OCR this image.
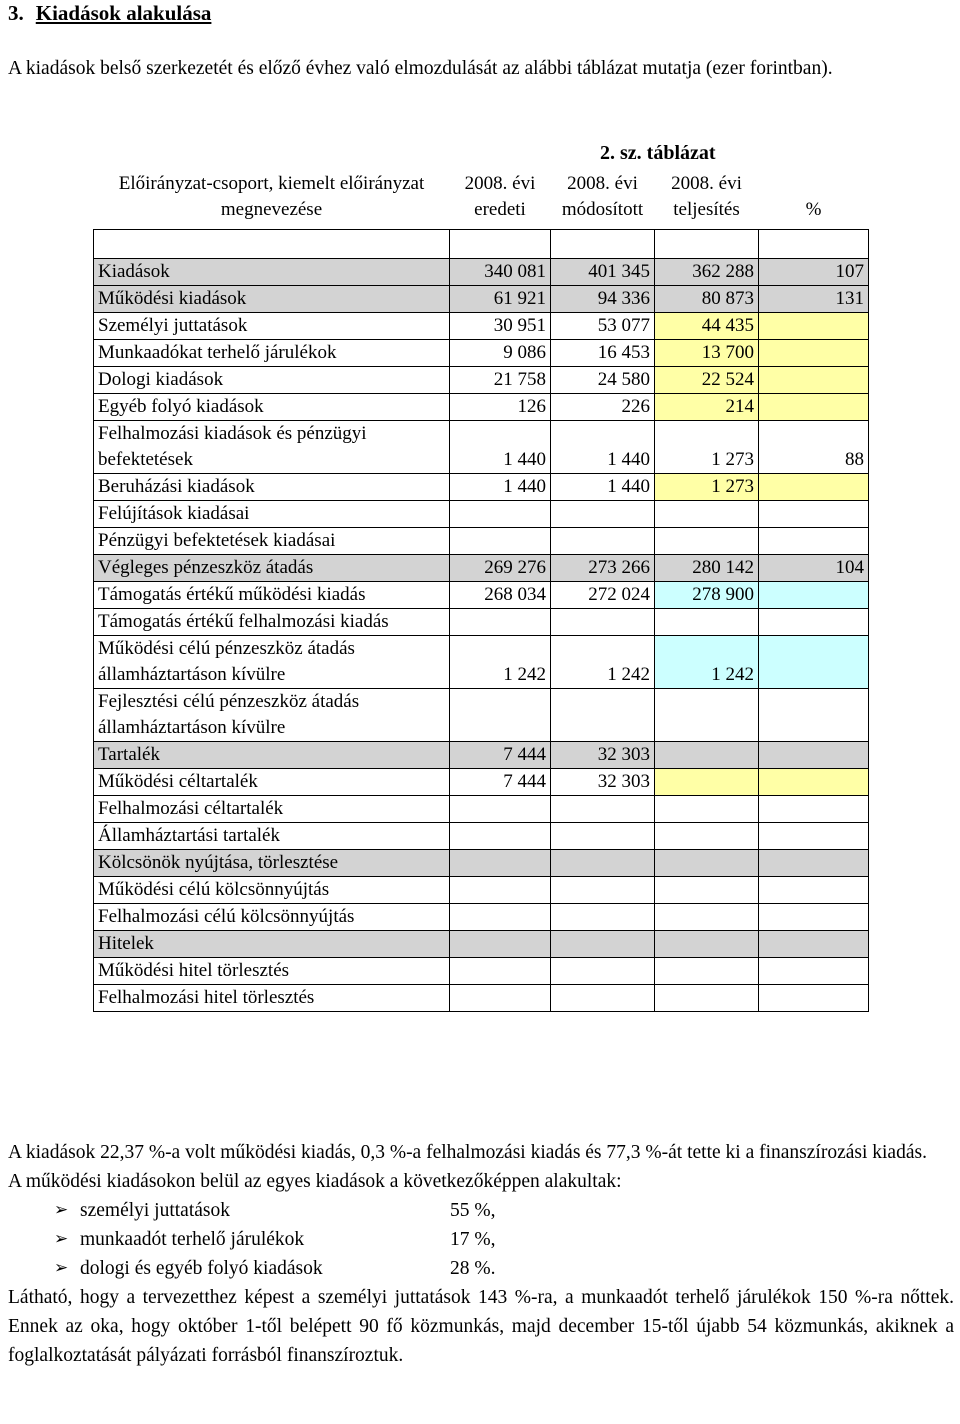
3. Kiadások alakulása
A kiadások belső szerkezetét és előző évhez való elmozdulását az alábbi táblázat mutatja (ezer forintban).
2. sz. táblázat
Előirányzat-csoport, kiemelt előirányzat megnevezése	2008. évi eredeti	2008. évi módosított	2008. évi teljesítés	%

Kiadások	340 081	401 345	362 288	107
Működési kiadások	61 921	94 336	80 873	131
Személyi juttatások	30 951	53 077	44 435	
Munkaadókat terhelő járulékok	9 086	16 453	13 700	
Dologi kiadások	21 758	24 580	22 524	
Egyéb folyó kiadások	126	226	214	
Felhalmozási kiadások és pénzügyi befektetések	1 440	1 440	1 273	88
Beruházási kiadások	1 440	1 440	1 273	
Felújítások kiadásai				
Pénzügyi befektetések kiadásai				
Végleges pénzeszköz átadás	269 276	273 266	280 142	104
Támogatás értékű működési kiadás	268 034	272 024	278 900	
Támogatás értékű felhalmozási kiadás				
Működési célú pénzeszköz átadás államháztartáson kívülre	1 242	1 242	1 242	
Fejlesztési célú pénzeszköz átadás államháztartáson kívülre				
Tartalék	7 444	32 303		
Működési céltartalék	7 444	32 303		
Felhalmozási céltartalék				
Államháztartási tartalék				
Kölcsönök nyújtása, törlesztése				
Működési célú kölcsönnyújtás				
Felhalmozási célú kölcsönnyújtás				
Hitelek				
Működési hitel törlesztés				
Felhalmozási hitel törlesztés				

A kiadások 22,37 %-a volt működési kiadás, 0,3 %-a felhalmozási kiadás és 77,3 %-át tette ki a finanszírozási kiadás.

A működési kiadásokon belül az egyes kiadások a következőképpen alakultak:

➢ személyi juttatások	55 %,
➢ munkaadót terhelő járulékok	17 %,
➢ dologi és egyéb folyó kiadások	28 %.

Látható, hogy a tervezetthez képest a személyi juttatások 143 %-ra, a munkaadót terhelő járulékok 150 %-ra nőttek. Ennek az oka, hogy október 1-től belépett 90 fő közmunkás, majd december 15-től újabb 54 közmunkás, akiknek a foglalkoztatását pályázati forrásból finanszíroztuk.
